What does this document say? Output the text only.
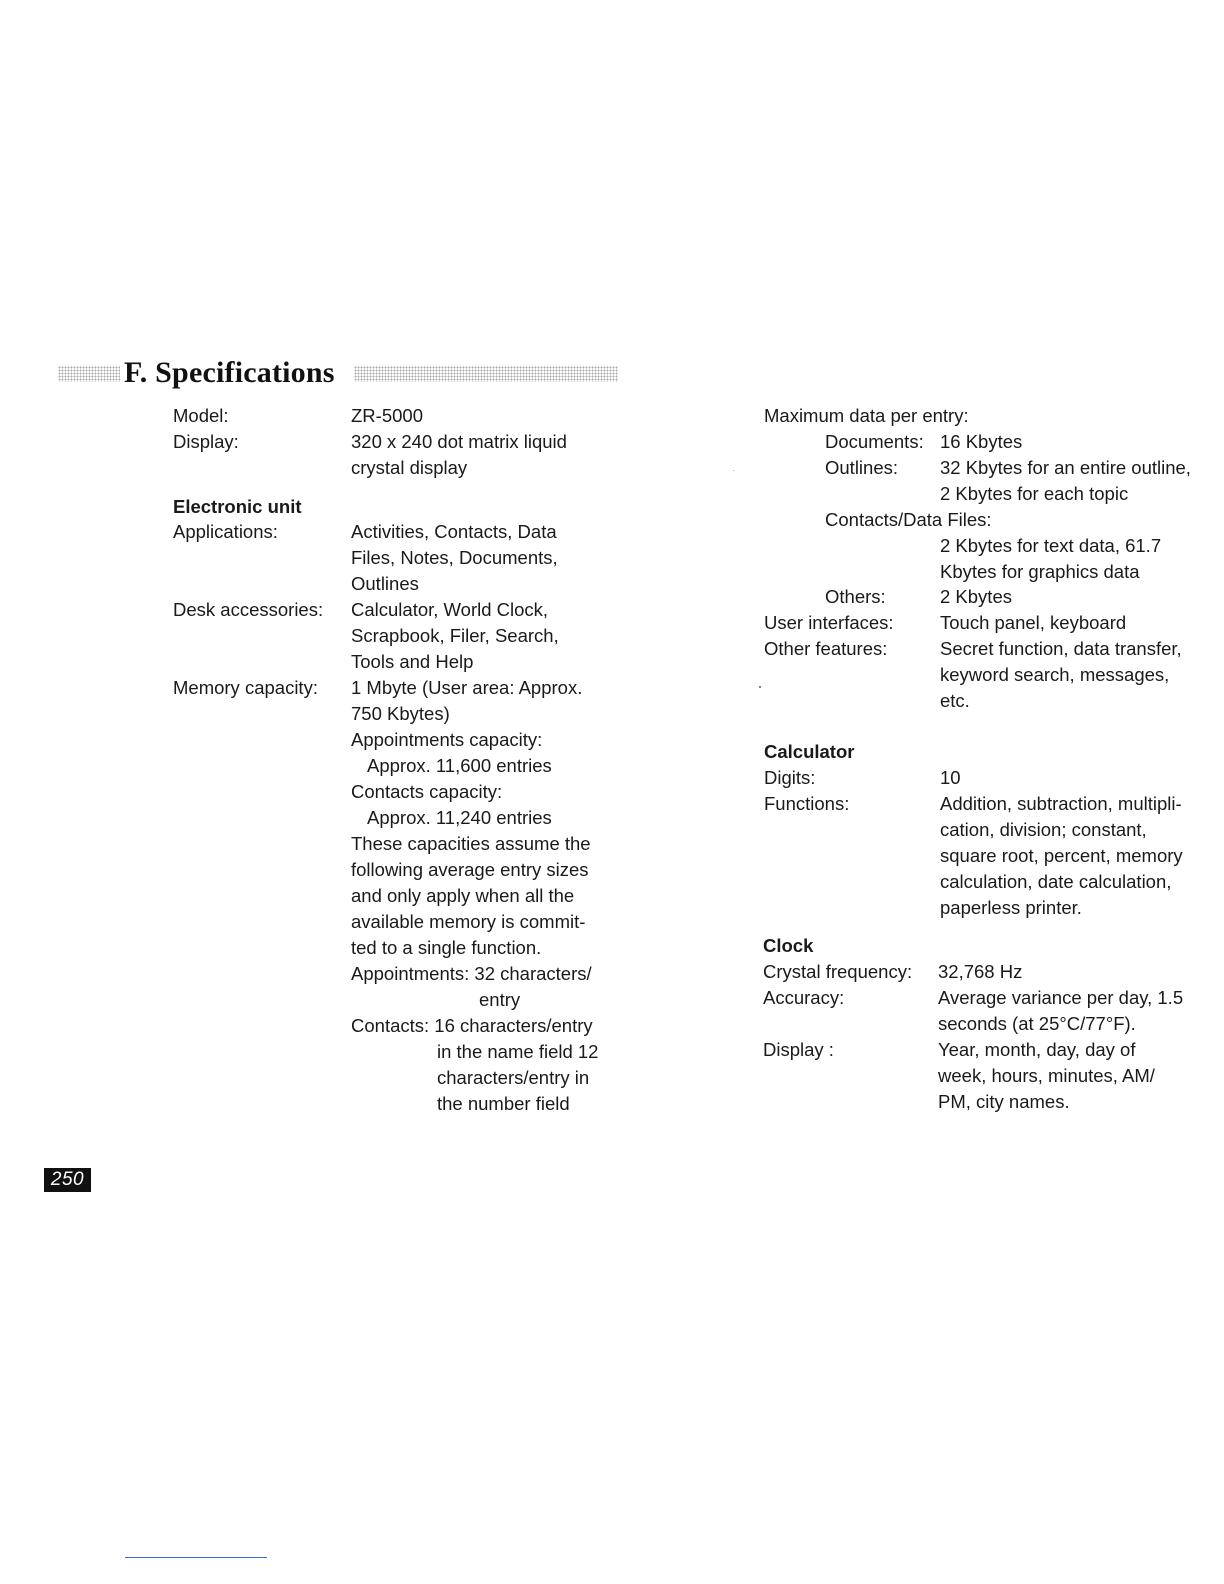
F. Specifications
Model:	ZR-5000
Display:	320 x 240 dot matrix liquid
crystal display
Electronic unit
Applications:	Activities, Contacts, Data
Files, Notes, Documents,
Outlines
Desk accessories: Calculator, World Clock,
Scrapbook, Filer, Search,
Tools and Help
Memory capacity: 1 Mbyte (User area: Approx.
750 Kbytes)
Appointments capacity:
Approx. 11,600 entries
Contacts capacity:
Approx. 11,240 entries
These capacities assume the
following average entry sizes
and only apply when all the
available memory is commit-
ted to a single function.
Appointments: 32 characters/
entry
Contacts: 16 characters/entry
in the name field 12
characters/entry in
the number field
Maximum data per entry:
Documents: 16 Kbytes
Outlines: 32 Kbytes for an entire outline,
2 Kbytes for each topic
Contacts/Data Files:
2 Kbytes for text data, 61.7
Kbytes for graphics data
Others:	2 Kbytes
User interfaces:	Touch panel, keyboard
Other features:	Secret function, data transfer,
keyword search, messages,
etc.
Calculator
Digits:	10
Functions:	Addition, subtraction, multipli-
cation, division; constant,
square root, percent, memory
calculation, date calculation,
paperless printer.
Clock
Crystal frequency: 32,768 Hz
Accuracy:	Average variance per day, 1.5
seconds (at 25°C/77°F).
Display :	Year, month, day, day of
week, hours, minutes, AM/
PM, city names.
250
